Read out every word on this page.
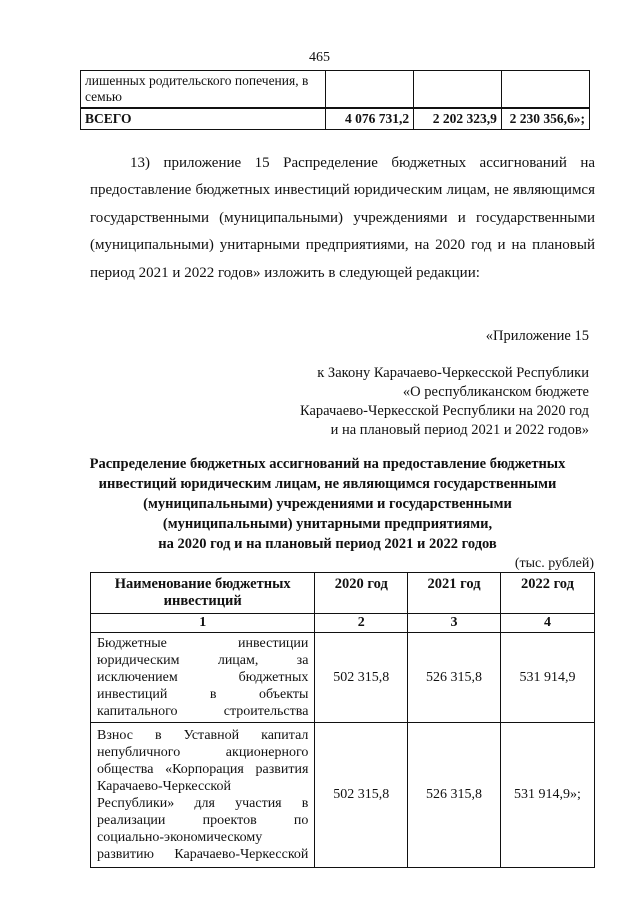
465
лишенных родительского попечения, в семью			
ВСЕГО	4 076 731,2	2 202 323,9	2 230 356,6»;
13) приложение 15 Распределение бюджетных ассигнований на предоставление бюджетных инвестиций юридическим лицам, не являющимся государственными (муниципальными) учреждениями и государственными (муниципальными) унитарными предприятиями, на 2020 год и на плановый период 2021 и 2022 годов» изложить в следующей редакции:
«Приложение 15
к Закону Карачаево-Черкесской Республики
«О республиканском бюджете
Карачаево-Черкесской Республики на 2020 год
и на плановый период 2021 и 2022 годов»
Распределение бюджетных ассигнований на предоставление бюджетных
инвестиций юридическим лицам, не являющимся государственными
(муниципальными) учреждениями и государственными
(муниципальными) унитарными предприятиями,
на 2020 год и на плановый период 2021 и 2022 годов
(тыс. рублей)
Наименование бюджетных инвестиций	2020 год	2021 год	2022 год
1	2	3	4
Бюджетные инвестиции юридическим лицам, за исключением бюджетных инвестиций в объекты капитального строительства	502 315,8	526 315,8	531 914,9
Взнос в Уставной капитал непубличного акционерного общества «Корпорация развития Карачаево-Черкесской Республики» для участия в реализации проектов по социально-экономическому развитию Карачаево-Черкесской	502 315,8	526 315,8	531 914,9»;
